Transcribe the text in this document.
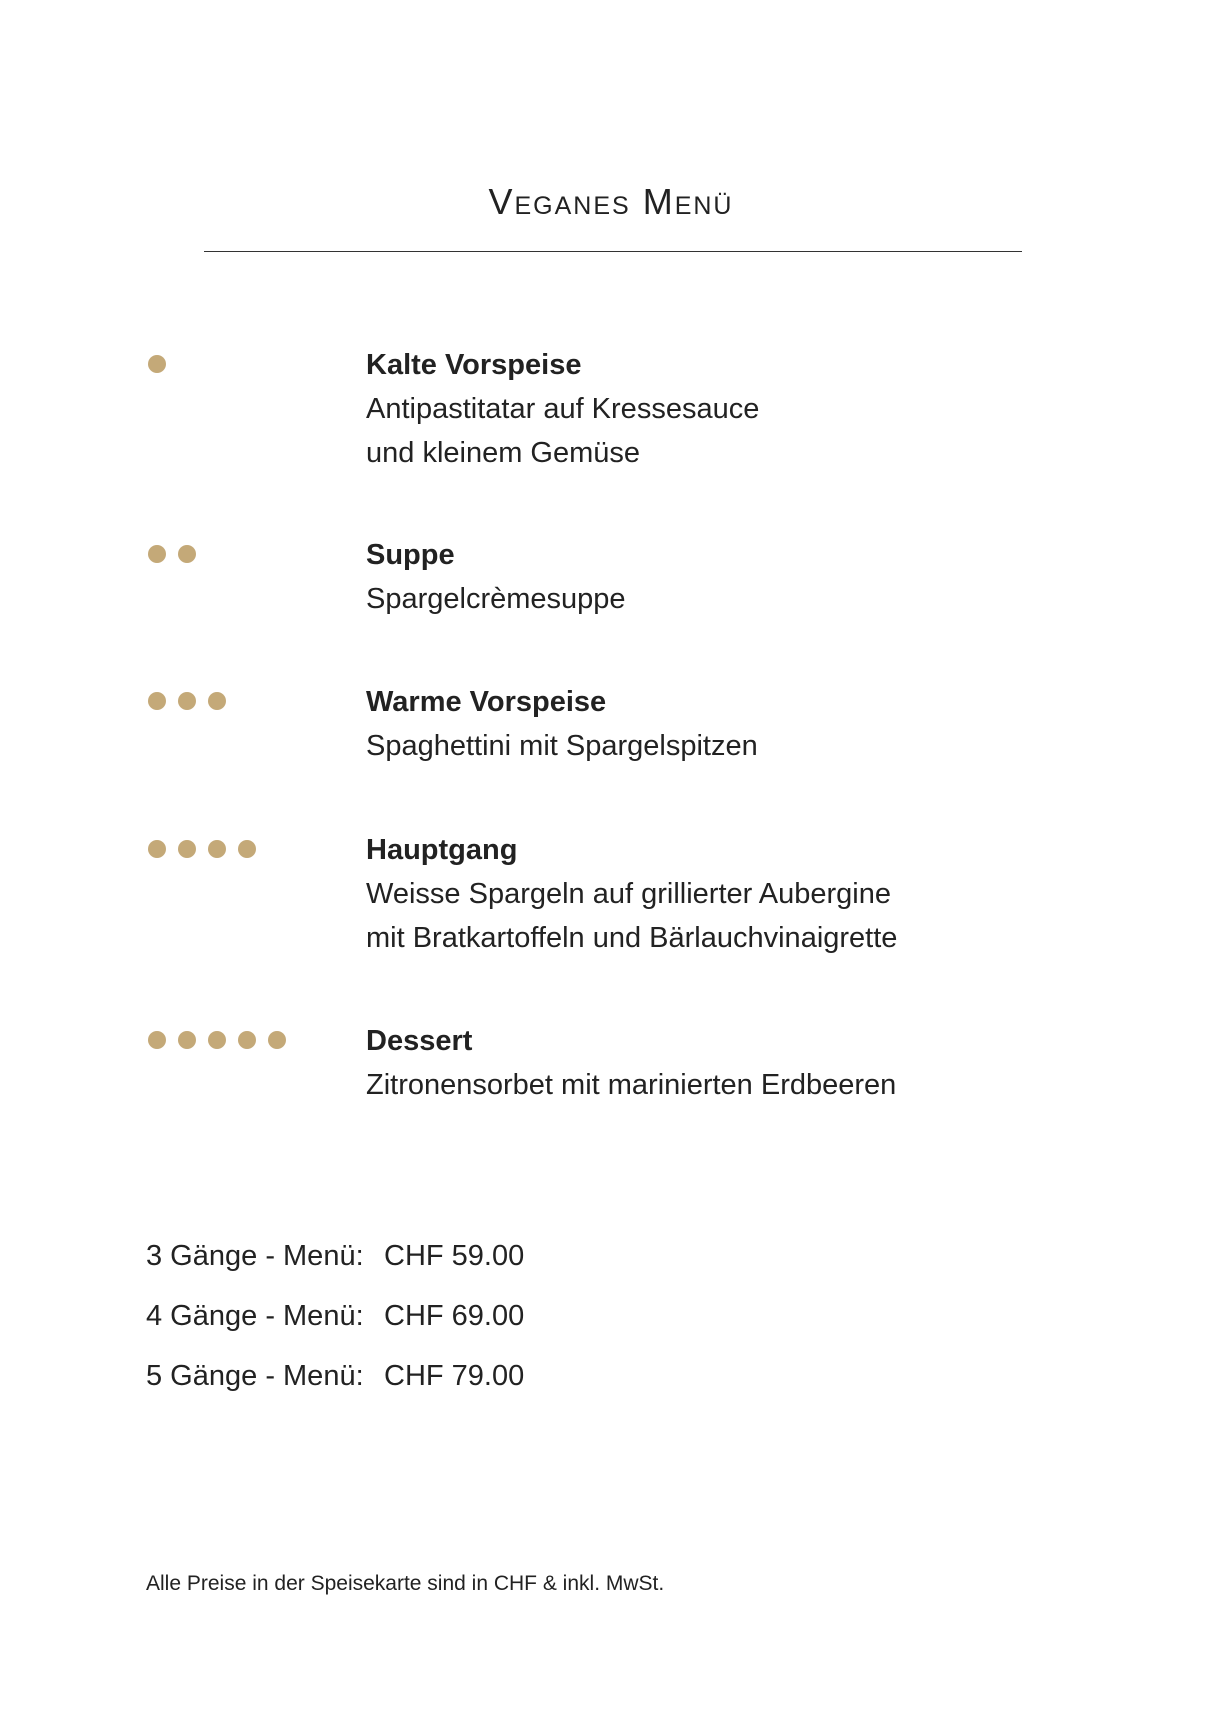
Veganes Menü
Kalte Vorspeise
Antipastitatar auf Kressesauce
und kleinem Gemüse
Suppe
Spargelcrèmesuppe
Warme Vorspeise
Spaghettini mit Spargelspitzen
Hauptgang
Weisse Spargeln auf grillierter Aubergine
mit Bratkartoffeln und Bärlauchvinaigrette
Dessert
Zitronensorbet mit marinierten Erdbeeren
3 Gänge - Menü: CHF 59.00
4 Gänge - Menü: CHF 69.00
5 Gänge - Menü: CHF 79.00
Alle Preise in der Speisekarte sind in CHF & inkl. MwSt.
